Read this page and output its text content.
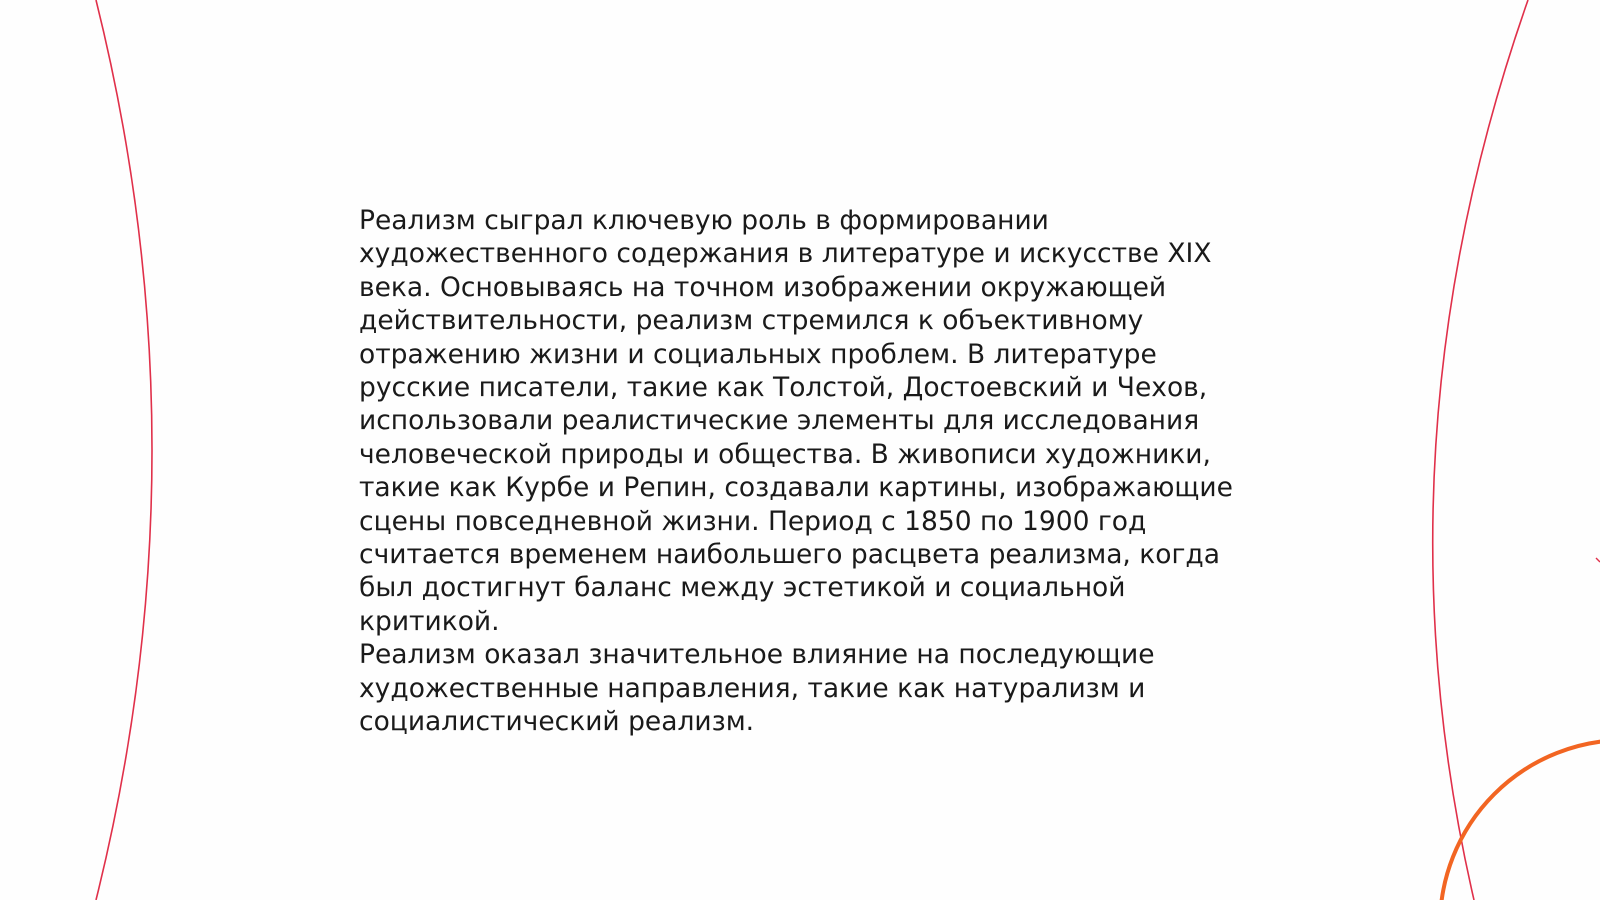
Реализм сыграл ключевую роль в формировании
художественного содержания в литературе и искусстве XIX
века. Основываясь на точном изображении окружающей
действительности, реализм стремился к объективному
отражению жизни и социальных проблем. В литературе
русские писатели, такие как Толстой, Достоевский и Чехов,
использовали реалистические элементы для исследования
человеческой природы и общества. В живописи художники,
такие как Курбе и Репин, создавали картины, изображающие
сцены повседневной жизни. Период с 1850 по 1900 год
считается временем наибольшего расцвета реализма, когда
был достигнут баланс между эстетикой и социальной критикой.
Реализм оказал значительное влияние на последующие
художественные направления, такие как натурализм и
социалистический реализм.
